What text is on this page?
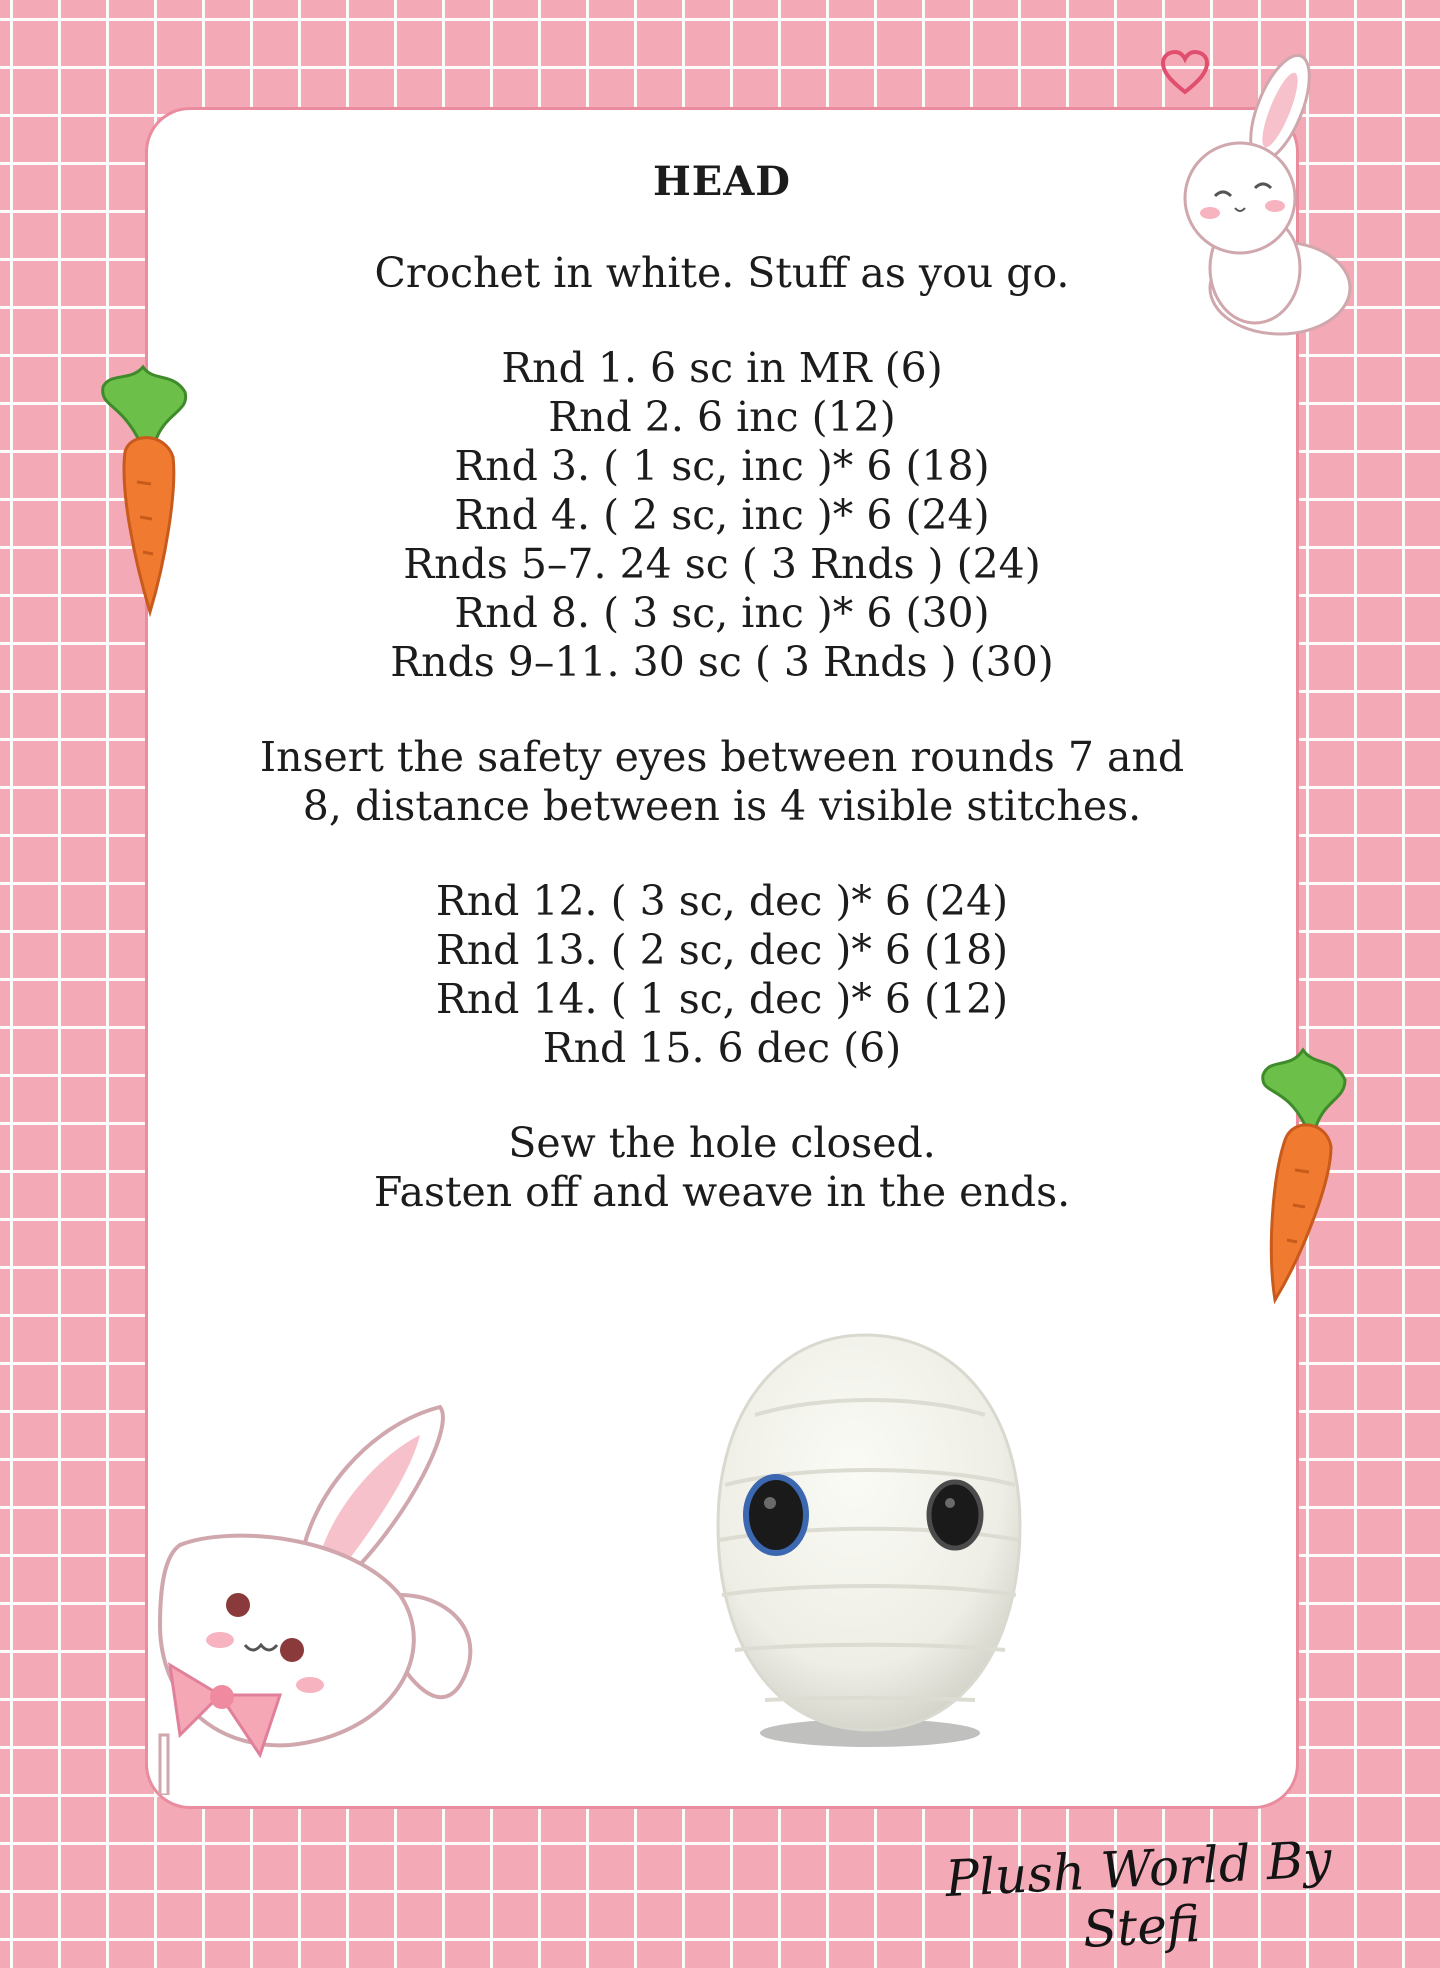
HEAD

Crochet in white. Stuff as you go.

Rnd 1. 6 sc in MR (6)

Rnd 2. 6 inc (12)

Rnd 3. ( 1 sc, inc )* 6 (18)

Rnd 4. ( 2 sc, inc )* 6 (24)

Rnds 5–7. 24 sc ( 3 Rnds ) (24)

Rnd 8. ( 3 sc, inc )* 6 (30)

Rnds 9–11. 30 sc ( 3 Rnds ) (30)

Insert the safety eyes between rounds 7 and

8, distance between is 4 visible stitches.

Rnd 12. ( 3 sc, dec )* 6 (24)

Rnd 13. ( 2 sc, dec )* 6 (18)

Rnd 14. ( 1 sc, dec )* 6 (12)

Rnd 15. 6 dec (6)

Sew the hole closed.

Fasten off and weave in the ends.

Plush World By Stefi
